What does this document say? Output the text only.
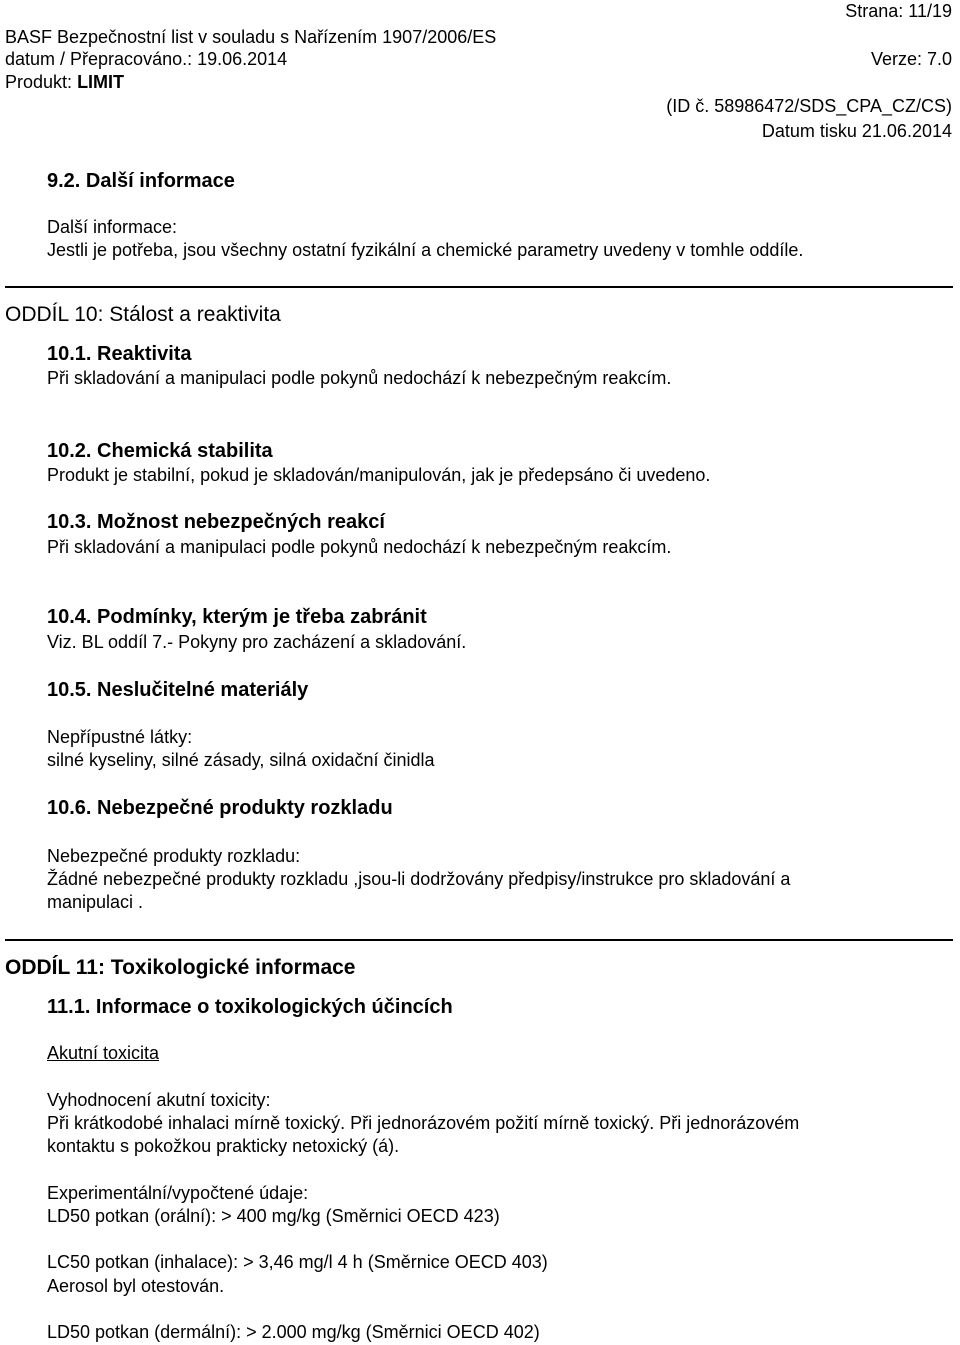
Strana: 11/19
BASF Bezpečnostní list v souladu s Nařízením 1907/2006/ES
datum / Přepracováno.: 19.06.2014	Verze: 7.0
Produkt: LIMIT
(ID č. 58986472/SDS_CPA_CZ/CS)
Datum tisku 21.06.2014
9.2. Další informace
Další informace:
Jestli je potřeba, jsou všechny ostatní fyzikální a chemické parametry uvedeny v tomhle oddíle.
ODDÍL 10: Stálost a reaktivita
10.1. Reaktivita
Při skladování a manipulaci podle pokynů nedochází k nebezpečným reakcím.
10.2. Chemická stabilita
Produkt je stabilní, pokud je skladován/manipulován, jak je předepsáno či uvedeno.
10.3. Možnost nebezpečných reakcí
Při skladování a manipulaci podle pokynů nedochází k nebezpečným reakcím.
10.4. Podmínky, kterým je třeba zabránit
Viz. BL oddíl 7.- Pokyny pro zacházení a skladování.
10.5. Neslučitelné materiály
Nepřípustné látky:
silné kyseliny, silné zásady, silná oxidační činidla
10.6. Nebezpečné produkty rozkladu
Nebezpečné produkty rozkladu:
Žádné nebezpečné produkty rozkladu ,jsou-li dodržovány předpisy/instrukce pro skladování a
manipulaci .
ODDÍL 11: Toxikologické informace
11.1. Informace o toxikologických účincích
Akutní toxicita
Vyhodnocení akutní toxicity:
Při krátkodobé inhalaci mírně toxický. Při jednorázovém požití mírně toxický. Při jednorázovém
kontaktu s pokožkou prakticky netoxický (á).
Experimentální/vypočtené údaje:
LD50 potkan (orální): > 400 mg/kg (Směrnici OECD 423)
LC50 potkan (inhalace): > 3,46 mg/l 4 h (Směrnice OECD 403)
Aerosol byl otestován.
LD50 potkan (dermální): > 2.000 mg/kg (Směrnici OECD 402)
